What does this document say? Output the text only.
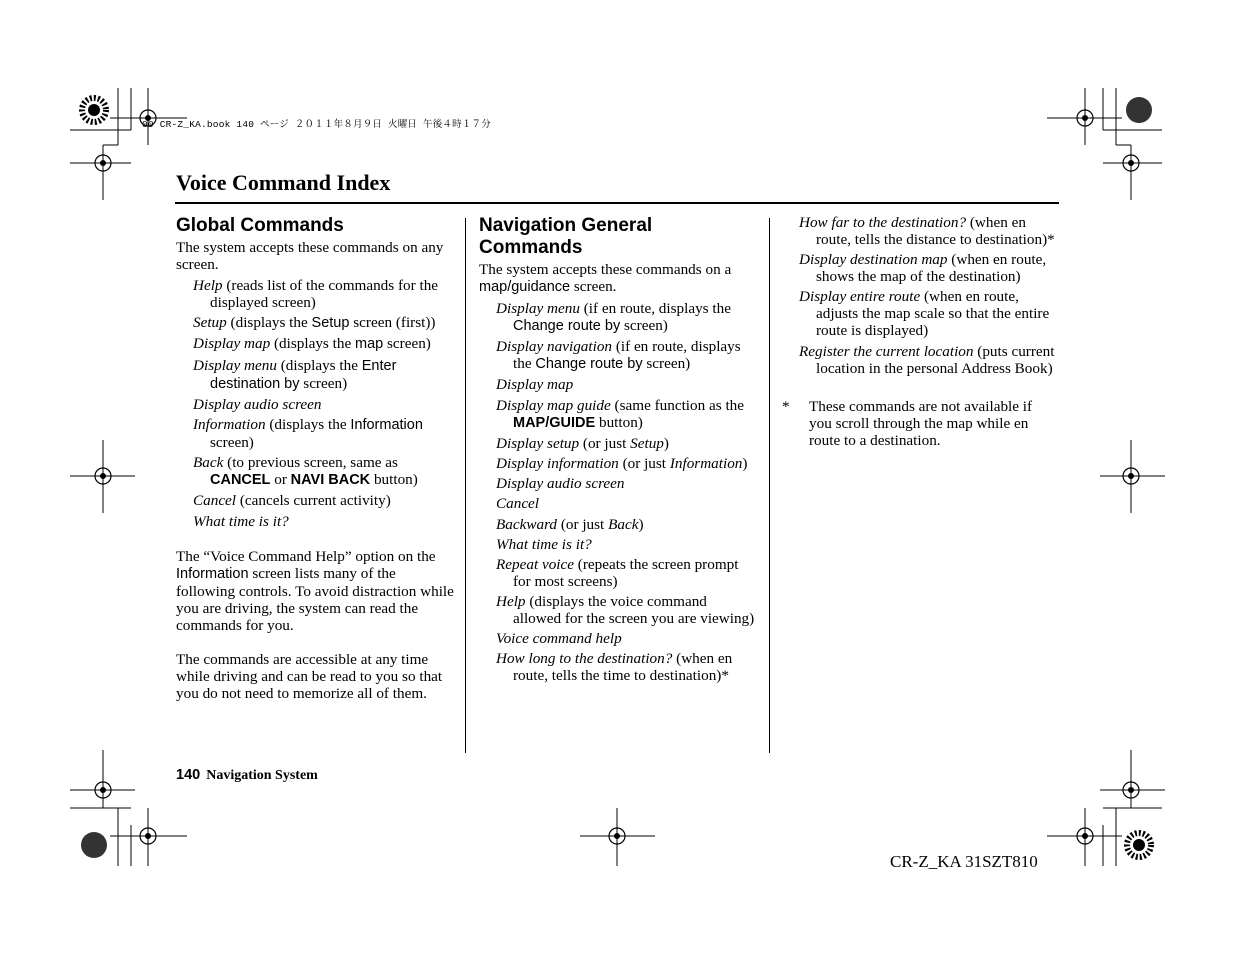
00 CR-Z_KA.book 140 ページ ２０１１年８月９日 火曜日 午後４時１７分
Voice Command Index
Global Commands

The system accepts these commands on any screen.

Help (reads list of the commands for the displayed screen)
Setup (displays the Setup screen (first))
Display map (displays the map screen)
Display menu (displays the Enter destination by screen)
Display audio screen
Information (displays the Information screen)
Back (to previous screen, same as CANCEL or NAVI BACK button)
Cancel (cancels current activity)
What time is it?

The “Voice Command Help” option on the Information screen lists many of the following controls. To avoid distraction while you are driving, the system can read the commands for you.

The commands are accessible at any time while driving and can be read to you so that you do not need to memorize all of them.

Navigation General Commands

The system accepts these commands on a map/guidance screen.

Display menu (if en route, displays the Change route by screen)
Display navigation (if en route, displays the Change route by screen)
Display map
Display map guide (same function as the MAP/GUIDE button)
Display setup (or just Setup)
Display information (or just Information)
Display audio screen
Cancel
Backward (or just Back)
What time is it?
Repeat voice (repeats the screen prompt for most screens)
Help (displays the voice command allowed for the screen you are viewing)
Voice command help
How long to the destination? (when en route, tells the time to destination)*
How far to the destination? (when en route, tells the distance to destination)*
Display destination map (when en route, shows the map of the destination)
Display entire route (when en route, adjusts the map scale so that the entire route is displayed)
Register the current location (puts current location in the personal Address Book)
*	These commands are not available if you scroll through the map while en route to a destination.
140 Navigation System
CR-Z_KA 31SZT810
